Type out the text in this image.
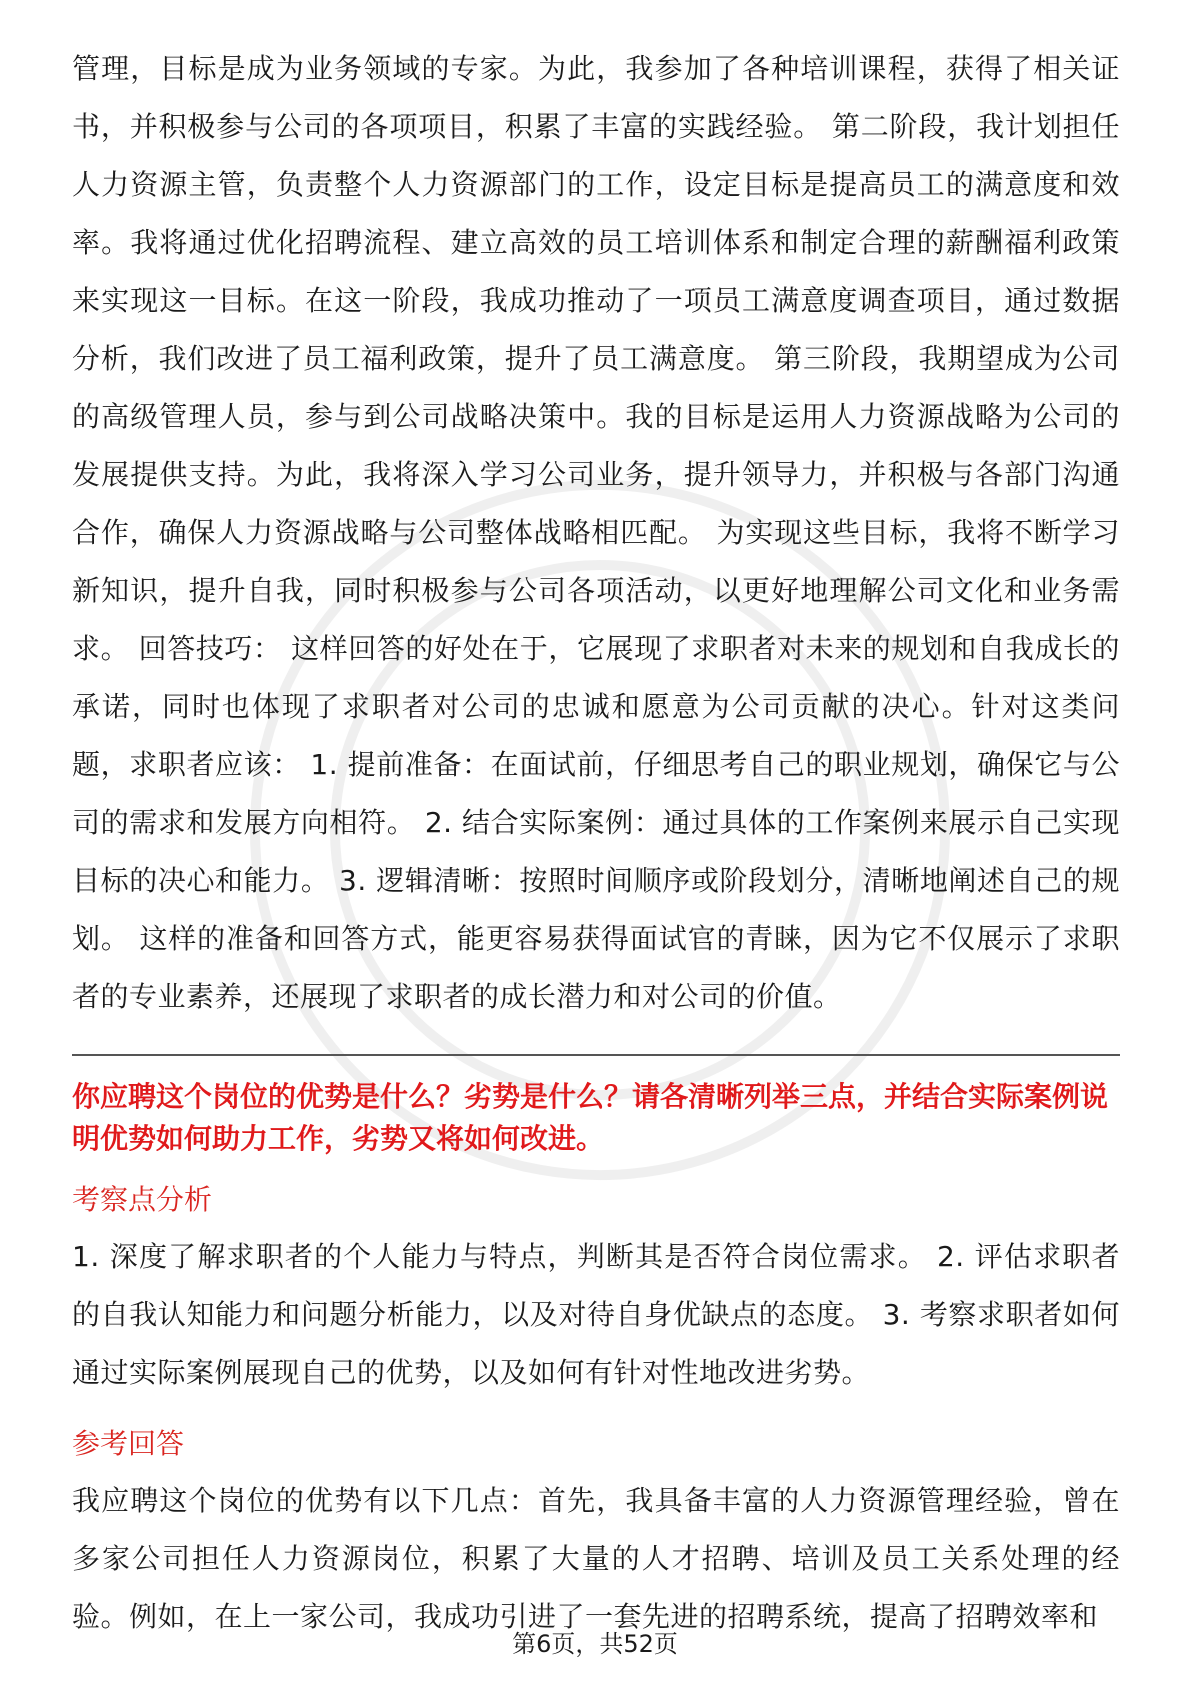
管理，目标是成为业务领域的专家。为此，我参加了各种培训课程，获得了相关证书，并积极参与公司的各项项目，积累了丰富的实践经验。 第二阶段，我计划担任人力资源主管，负责整个人力资源部门的工作，设定目标是提高员工的满意度和效率。我将通过优化招聘流程、建立高效的员工培训体系和制定合理的薪酬福利政策来实现这一目标。在这一阶段，我成功推动了一项员工满意度调查项目，通过数据分析，我们改进了员工福利政策，提升了员工满意度。 第三阶段，我期望成为公司的高级管理人员，参与到公司战略决策中。我的目标是运用人力资源战略为公司的发展提供支持。为此，我将深入学习公司业务，提升领导力，并积极与各部门沟通合作，确保人力资源战略与公司整体战略相匹配。 为实现这些目标，我将不断学习新知识，提升自我，同时积极参与公司各项活动，以更好地理解公司文化和业务需求。 回答技巧： 这样回答的好处在于，它展现了求职者对未来的规划和自我成长的承诺，同时也体现了求职者对公司的忠诚和愿意为公司贡献的决心。针对这类问题，求职者应该： 1. 提前准备：在面试前，仔细思考自己的职业规划，确保它与公司的需求和发展方向相符。 2. 结合实际案例：通过具体的工作案例来展示自己实现目标的决心和能力。 3. 逻辑清晰：按照时间顺序或阶段划分，清晰地阐述自己的规划。 这样的准备和回答方式，能更容易获得面试官的青睐，因为它不仅展示了求职者的专业素养，还展现了求职者的成长潜力和对公司的价值。

你应聘这个岗位的优势是什么？劣势是什么？请各清晰列举三点，并结合实际案例说明优势如何助力工作，劣势又将如何改进。

考察点分析

1. 深度了解求职者的个人能力与特点，判断其是否符合岗位需求。 2. 评估求职者的自我认知能力和问题分析能力，以及对待自身优缺点的态度。 3. 考察求职者如何通过实际案例展现自己的优势，以及如何有针对性地改进劣势。

参考回答

我应聘这个岗位的优势有以下几点：首先，我具备丰富的人力资源管理经验，曾在多家公司担任人力资源岗位，积累了大量的人才招聘、培训及员工关系处理的经验。例如，在上一家公司，我成功引进了一套先进的招聘系统，提高了招聘效率和

第6页，共52页
